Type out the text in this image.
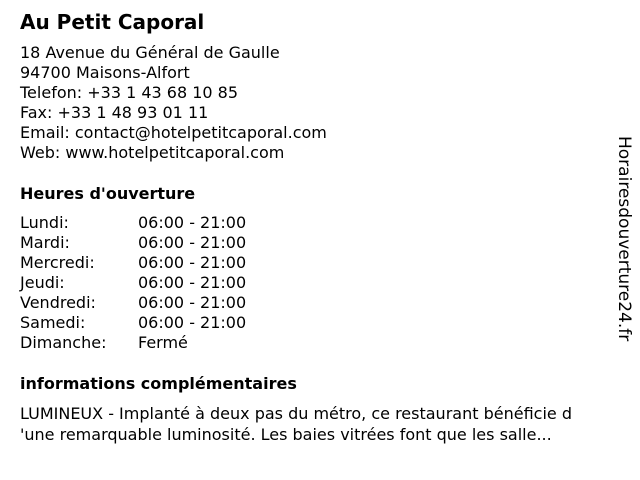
Au Petit Caporal
18 Avenue du Général de Gaulle
94700 Maisons-Alfort
Telefon: +33 1 43 68 10 85
Fax: +33 1 48 93 01 11
Email: contact@hotelpetitcaporal.com
Web: www.hotelpetitcaporal.com
Heures d'ouverture
Lundi:	06:00 - 21:00
Mardi:	06:00 - 21:00
Mercredi:	06:00 - 21:00
Jeudi:	06:00 - 21:00
Vendredi:	06:00 - 21:00
Samedi:	06:00 - 21:00
Dimanche: Fermé
informations complémentaires
LUMINEUX - Implanté à deux pas du métro, ce restaurant bénéficie d
'une remarquable luminosité. Les baies vitrées font que les salle...
Horairesdouverture24.fr
